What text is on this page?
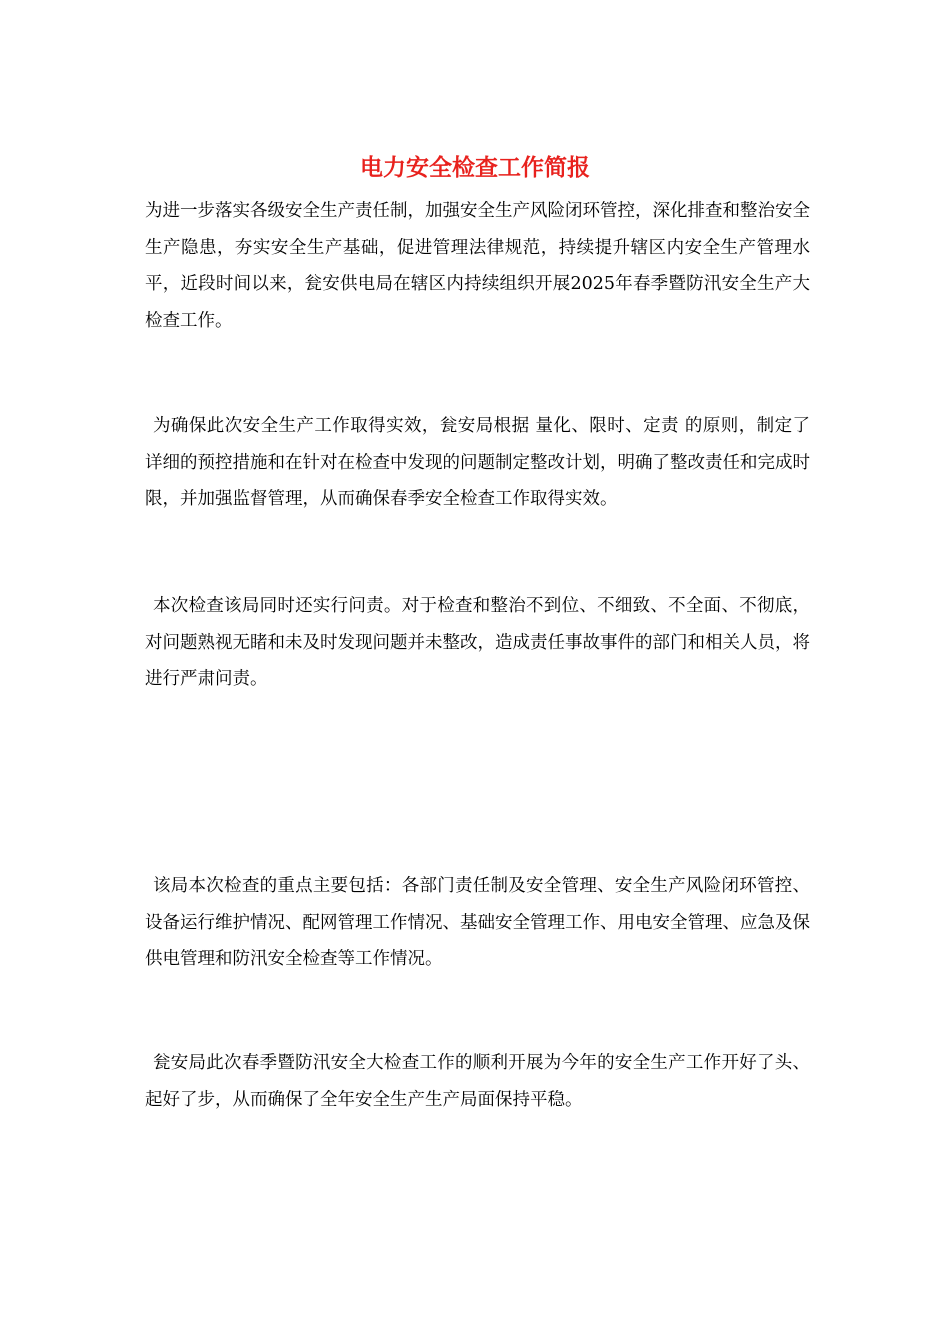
电力安全检查工作简报

为进一步落实各级安全生产责任制，加强安全生产风险闭环管控，深化排查和整治安全生产隐患，夯实安全生产基础，促进管理法律规范，持续提升辖区内安全生产管理水平，近段时间以来，瓮安供电局在辖区内持续组织开展2025年春季暨防汛安全生产大检查工作。

为确保此次安全生产工作取得实效，瓮安局根据 量化、限时、定责 的原则，制定了详细的预控措施和在针对在检查中发现的问题制定整改计划，明确了整改责任和完成时限，并加强监督管理，从而确保春季安全检查工作取得实效。

本次检查该局同时还实行问责。对于检查和整治不到位、不细致、不全面、不彻底，对问题熟视无睹和未及时发现问题并未整改，造成责任事故事件的部门和相关人员，将进行严肃问责。

该局本次检查的重点主要包括：各部门责任制及安全管理、安全生产风险闭环管控、设备运行维护情况、配网管理工作情况、基础安全管理工作、用电安全管理、应急及保供电管理和防汛安全检查等工作情况。

瓮安局此次春季暨防汛安全大检查工作的顺利开展为今年的安全生产工作开好了头、起好了步，从而确保了全年安全生产生产局面保持平稳。
